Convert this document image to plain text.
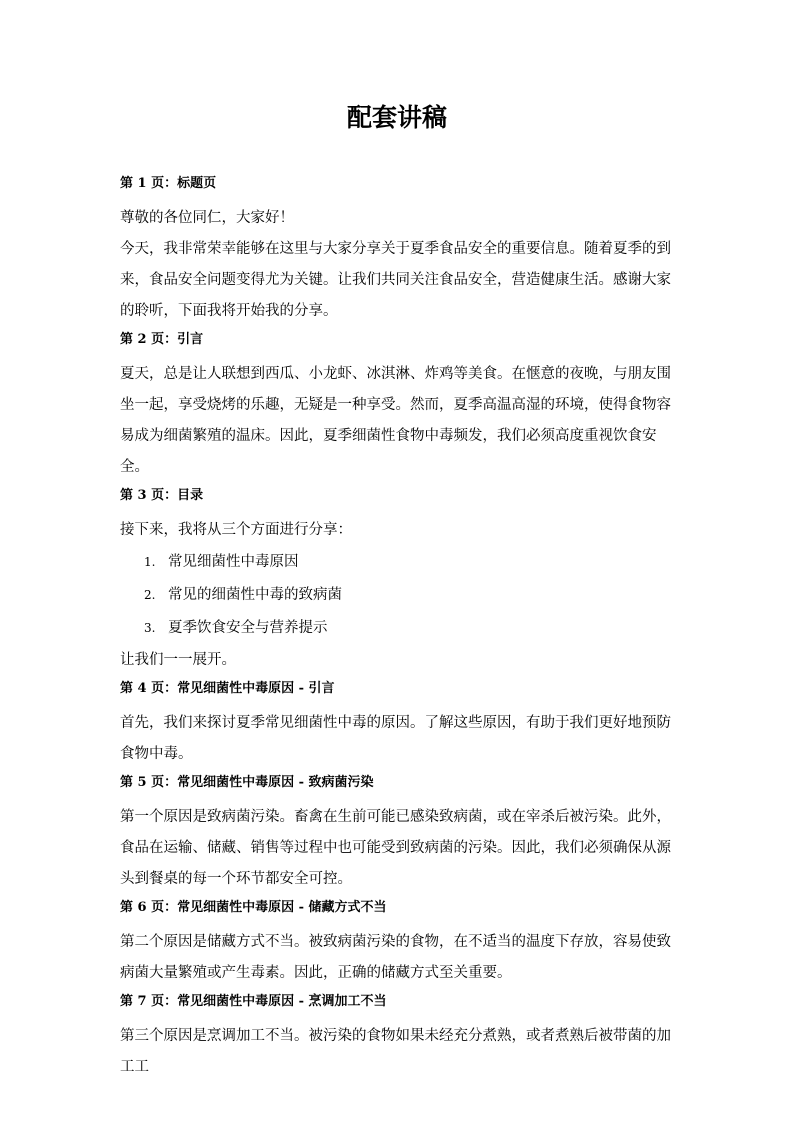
配套讲稿
第 1 页：标题页

尊敬的各位同仁，大家好！

今天，我非常荣幸能够在这里与大家分享关于夏季食品安全的重要信息。随着夏季的到来，食品安全问题变得尤为关键。让我们共同关注食品安全，营造健康生活。感谢大家的聆听，下面我将开始我的分享。

第 2 页：引言

夏天，总是让人联想到西瓜、小龙虾、冰淇淋、炸鸡等美食。在惬意的夜晚，与朋友围坐一起，享受烧烤的乐趣，无疑是一种享受。然而，夏季高温高湿的环境，使得食物容易成为细菌繁殖的温床。因此，夏季细菌性食物中毒频发，我们必须高度重视饮食安全。

第 3 页：目录

接下来，我将从三个方面进行分享：

1. 常见细菌性中毒原因
2. 常见的细菌性中毒的致病菌
3. 夏季饮食安全与营养提示

让我们一一展开。

第 4 页：常见细菌性中毒原因 - 引言

首先，我们来探讨夏季常见细菌性中毒的原因。了解这些原因，有助于我们更好地预防食物中毒。

第 5 页：常见细菌性中毒原因 - 致病菌污染

第一个原因是致病菌污染。畜禽在生前可能已感染致病菌，或在宰杀后被污染。此外，食品在运输、储藏、销售等过程中也可能受到致病菌的污染。因此，我们必须确保从源头到餐桌的每一个环节都安全可控。

第 6 页：常见细菌性中毒原因 - 储藏方式不当

第二个原因是储藏方式不当。被致病菌污染的食物，在不适当的温度下存放，容易使致病菌大量繁殖或产生毒素。因此，正确的储藏方式至关重要。

第 7 页：常见细菌性中毒原因 - 烹调加工不当

第三个原因是烹调加工不当。被污染的食物如果未经充分煮熟，或者煮熟后被带菌的加工工
